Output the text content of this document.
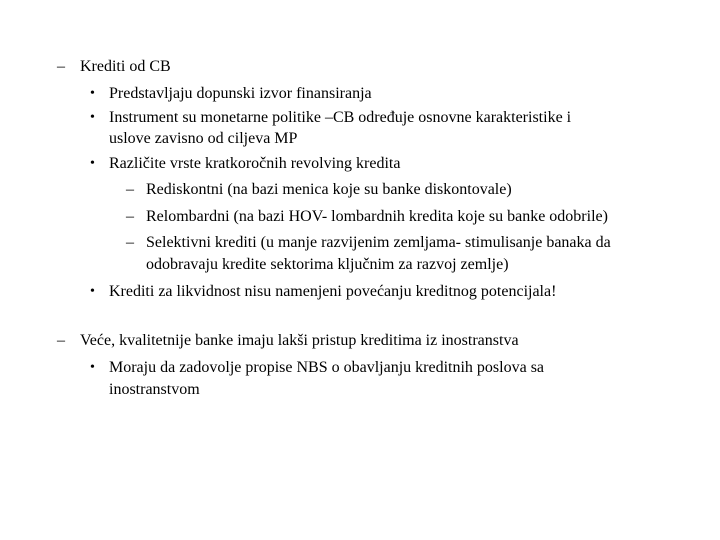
– Krediti od CB
• Predstavljaju dopunski izvor finansiranja
• Instrument su monetarne politike –CB određuje osnovne karakteristike i
uslove zavisno od ciljeva MP
• Različite vrste kratkoročnih revolving kredita
– Rediskontni (na bazi menica koje su banke diskontovale)
– Relombardni (na bazi HOV- lombardnih kredita koje su banke odobrile)
– Selektivni krediti (u manje razvijenim zemljama- stimulisanje banaka da
odobravaju kredite sektorima ključnim za razvoj zemlje)
• Krediti za likvidnost nisu namenjeni povećanju kreditnog potencijala!
– Veće, kvalitetnije banke imaju lakši pristup kreditima iz inostranstva
• Moraju da zadovolje propise NBS o obavljanju kreditnih poslova sa
inostranstvom
